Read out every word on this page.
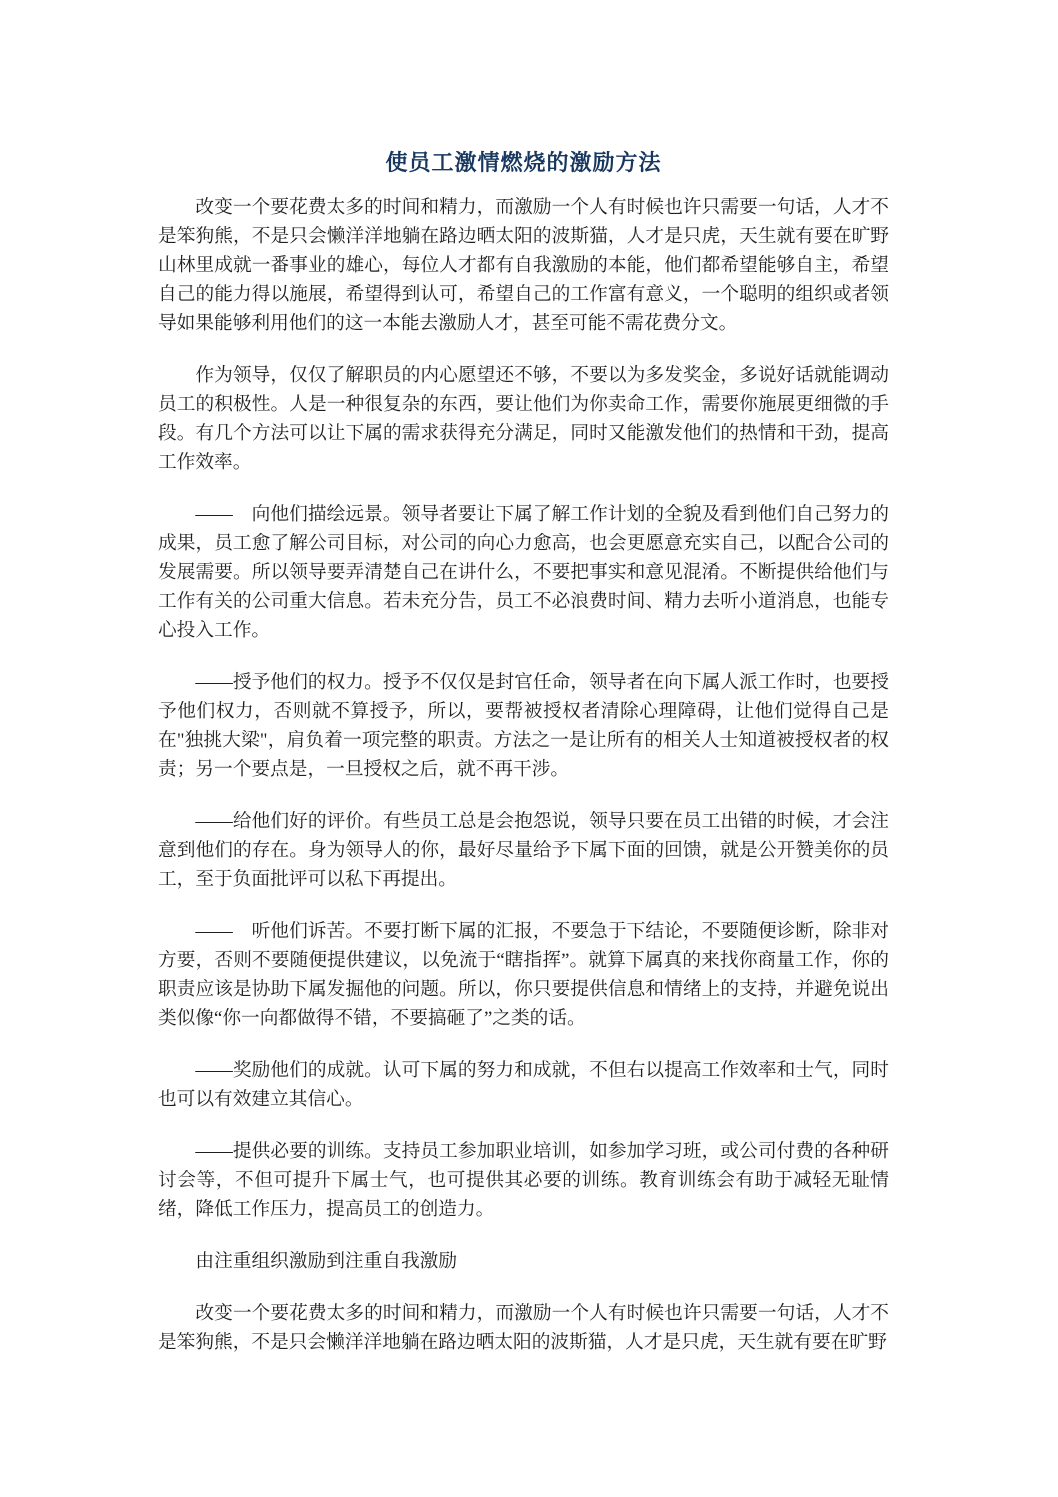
使员工激情燃烧的激励方法

改变一个要花费太多的时间和精力，而激励一个人有时候也许只需要一句话，人才不是笨狗熊，不是只会懒洋洋地躺在路边晒太阳的波斯猫，人才是只虎，天生就有要在旷野山林里成就一番事业的雄心，每位人才都有自我激励的本能，他们都希望能够自主，希望自己的能力得以施展，希望得到认可，希望自己的工作富有意义，一个聪明的组织或者领导如果能够利用他们的这一本能去激励人才，甚至可能不需花费分文。

作为领导，仅仅了解职员的内心愿望还不够，不要以为多发奖金，多说好话就能调动员工的积极性。人是一种很复杂的东西，要让他们为你卖命工作，需要你施展更细微的手段。有几个方法可以让下属的需求获得充分满足，同时又能激发他们的热情和干劲，提高工作效率。

——　向他们描绘远景。领导者要让下属了解工作计划的全貌及看到他们自己努力的成果，员工愈了解公司目标，对公司的向心力愈高，也会更愿意充实自己，以配合公司的发展需要。所以领导要弄清楚自己在讲什么，不要把事实和意见混淆。不断提供给他们与工作有关的公司重大信息。若未充分告，员工不必浪费时间、精力去听小道消息，也能专心投入工作。

——授予他们的权力。授予不仅仅是封官任命，领导者在向下属人派工作时，也要授予他们权力，否则就不算授予，所以，要帮被授权者清除心理障碍，让他们觉得自己是在"独挑大梁"，肩负着一项完整的职责。方法之一是让所有的相关人士知道被授权者的权责；另一个要点是，一旦授权之后，就不再干涉。

——给他们好的评价。有些员工总是会抱怨说，领导只要在员工出错的时候，才会注意到他们的存在。身为领导人的你，最好尽量给予下属下面的回馈，就是公开赞美你的员工，至于负面批评可以私下再提出。

——　听他们诉苦。不要打断下属的汇报，不要急于下结论，不要随便诊断，除非对方要，否则不要随便提供建议，以免流于“瞎指挥”。就算下属真的来找你商量工作，你的职责应该是协助下属发掘他的问题。所以，你只要提供信息和情绪上的支持，并避免说出类似像“你一向都做得不错，不要搞砸了”之类的话。

——奖励他们的成就。认可下属的努力和成就，不但右以提高工作效率和士气，同时也可以有效建立其信心。

——提供必要的训练。支持员工参加职业培训，如参加学习班，或公司付费的各种研讨会等，不但可提升下属士气，也可提供其必要的训练。教育训练会有助于减轻无耻情绪，降低工作压力，提高员工的创造力。

由注重组织激励到注重自我激励

改变一个要花费太多的时间和精力，而激励一个人有时候也许只需要一句话，人才不是笨狗熊，不是只会懒洋洋地躺在路边晒太阳的波斯猫，人才是只虎，天生就有要在旷野
